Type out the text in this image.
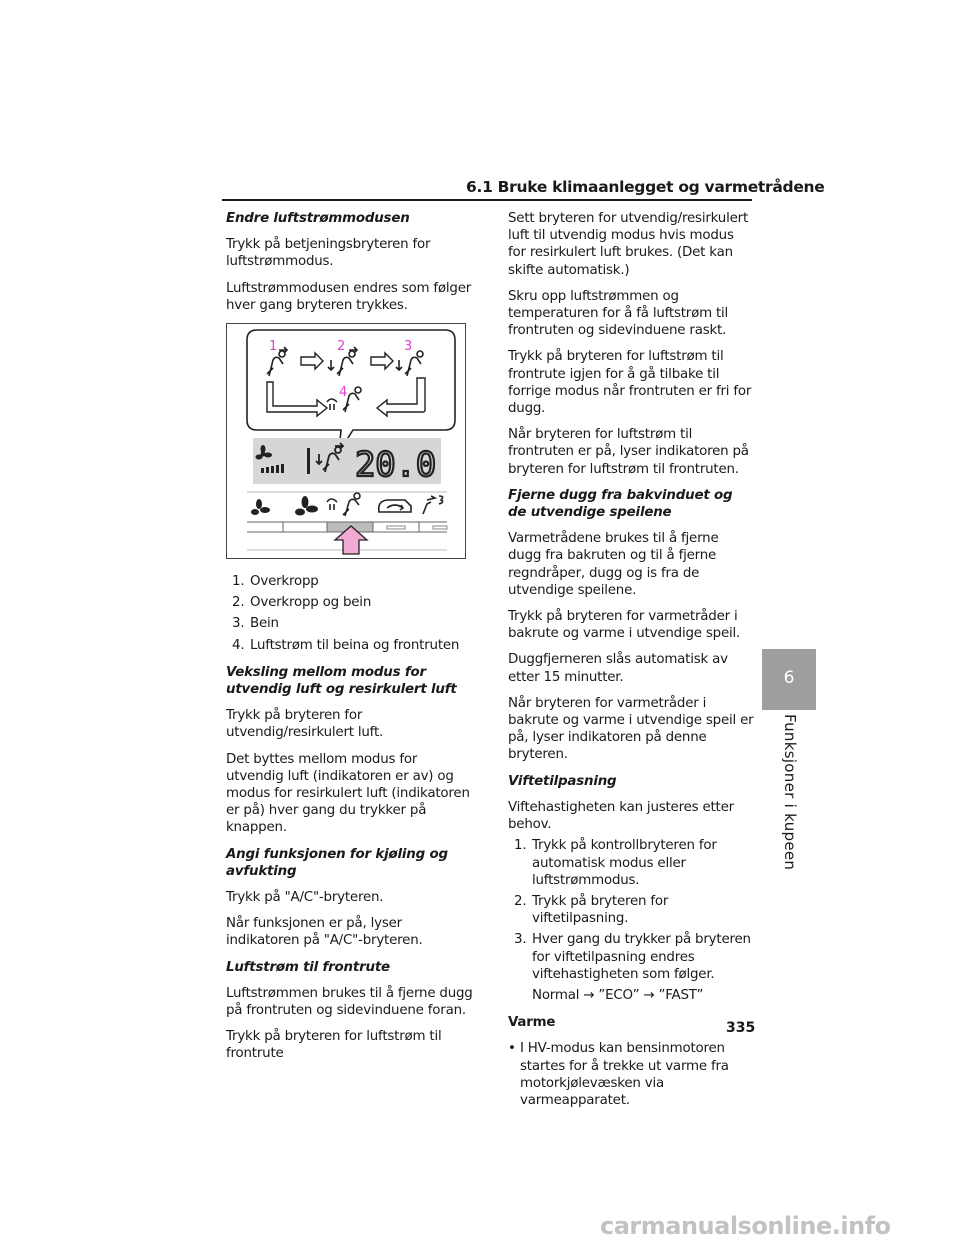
6.1 Bruke klimaanlegget og varmetrådene
Endre luftstrømmodusen

Trykk på betjeningsbryteren for luftstrømmodus.

Luftstrømmodusen endres som følger hver gang bryteren trykkes.

1	2	3
4
20.0
1. Overkropp
2. Overkropp og bein
3. Bein
4. Luftstrøm til beina og frontruten
Veksling mellom modus for utvendig luft og resirkulert luft

Trykk på bryteren for utvendig/resirkulert luft.

Det byttes mellom modus for utvendig luft (indikatoren er av) og modus for resirkulert luft (indikatoren er på) hver gang du trykker på knappen.

Angi funksjonen for kjøling og avfukting

Trykk på "A/C"-bryteren.

Når funksjonen er på, lyser indikatoren på "A/C"-bryteren.

Luftstrøm til frontrute

Luftstrømmen brukes til å fjerne dugg på frontruten og sidevinduene foran.

Trykk på bryteren for luftstrøm til frontrute

Sett bryteren for utvendig/resirkulert luft til utvendig modus hvis modus for resirkulert luft brukes. (Det kan skifte automatisk.)

Skru opp luftstrømmen og temperaturen for å få luftstrøm til frontruten og sidevinduene raskt.

Trykk på bryteren for luftstrøm til frontrute igjen for å gå tilbake til forrige modus når frontruten er fri for dugg.

Når bryteren for luftstrøm til frontruten er på, lyser indikatoren på bryteren for luftstrøm til frontruten.

Fjerne dugg fra bakvinduet og de utvendige speilene

Varmetrådene brukes til å fjerne dugg fra bakruten og til å fjerne regndråper, dugg og is fra de utvendige speilene.

Trykk på bryteren for varmetråder i bakrute og varme i utvendige speil.

Duggfjerneren slås automatisk av etter 15 minutter.

Når bryteren for varmetråder i bakrute og varme i utvendige speil er på, lyser indikatoren på denne bryteren.

Viftetilpasning

Viftehastigheten kan justeres etter behov.

1. Trykk på kontrollbryteren for automatisk modus eller luftstrømmodus.
2. Trykk på bryteren for viftetilpasning.
3. Hver gang du trykker på bryteren for viftetilpasning endres viftehastigheten som følger.
Normal → ”ECO” → ”FAST”
Varme
• I HV-modus kan bensinmotoren startes for å trekke ut varme fra motorkjølevæsken via varmeapparatet.
6
Funksjoner i kupeen
335
carmanualsonline.info
